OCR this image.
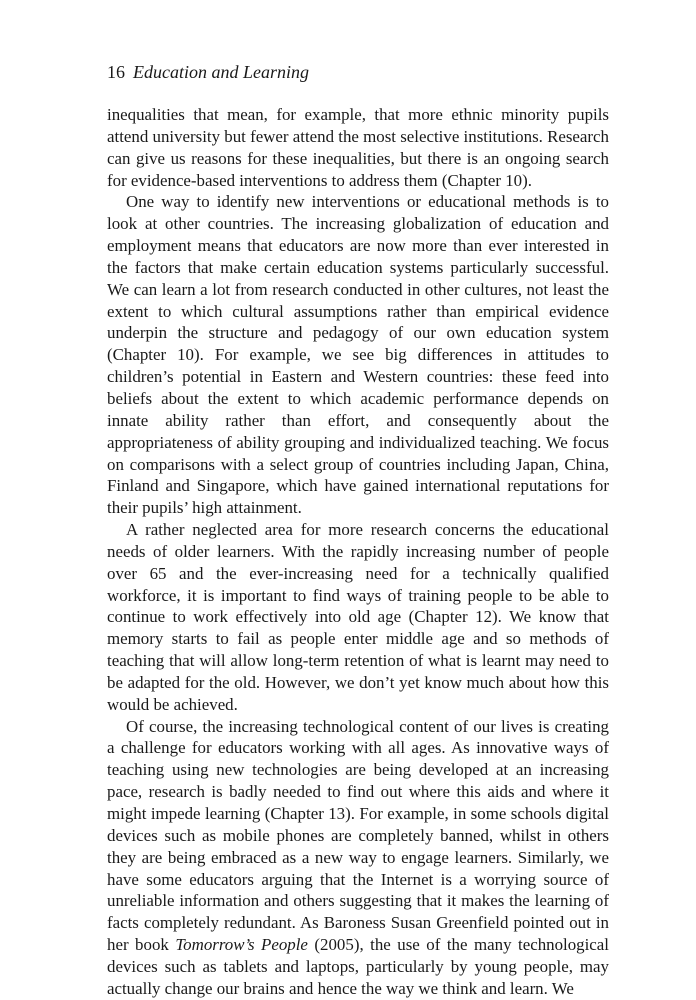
16 Education and Learning

inequalities that mean, for example, that more ethnic minority pupils attend university but fewer attend the most selective institutions. Research can give us reasons for these inequalities, but there is an ongoing search for evidence-based interventions to address them (Chapter 10).

One way to identify new interventions or educational methods is to look at other countries. The increasing globalization of education and employment means that educators are now more than ever interested in the factors that make certain education systems particularly successful. We can learn a lot from research conducted in other cultures, not least the extent to which cultural assumptions rather than empirical evidence underpin the structure and pedagogy of our own education system (Chapter 10). For example, we see big differences in attitudes to children’s potential in Eastern and Western countries: these feed into beliefs about the extent to which academic performance depends on innate ability rather than effort, and consequently about the appropriateness of ability grouping and individualized teaching. We focus on comparisons with a select group of countries including Japan, China, Finland and Singapore, which have gained international reputations for their pupils’ high attainment.

A rather neglected area for more research concerns the educational needs of older learners. With the rapidly increasing number of people over 65 and the ever-increasing need for a technically qualified workforce, it is important to find ways of training people to be able to continue to work effectively into old age (Chapter 12). We know that memory starts to fail as people enter middle age and so methods of teaching that will allow long-term retention of what is learnt may need to be adapted for the old. However, we don’t yet know much about how this would be achieved.

Of course, the increasing technological content of our lives is creating a challenge for educators working with all ages. As innovative ways of teaching using new technologies are being developed at an increasing pace, research is badly needed to find out where this aids and where it might impede learning (Chapter 13). For example, in some schools digital devices such as mobile phones are completely banned, whilst in others they are being embraced as a new way to engage learners. Similarly, we have some educators arguing that the Internet is a worrying source of unreliable information and others suggesting that it makes the learning of facts completely redundant. As Baroness Susan Greenfield pointed out in her book Tomorrow’s People (2005), the use of the many technological devices such as tablets and laptops, particularly by young people, may actually change our brains and hence the way we think and learn. We
